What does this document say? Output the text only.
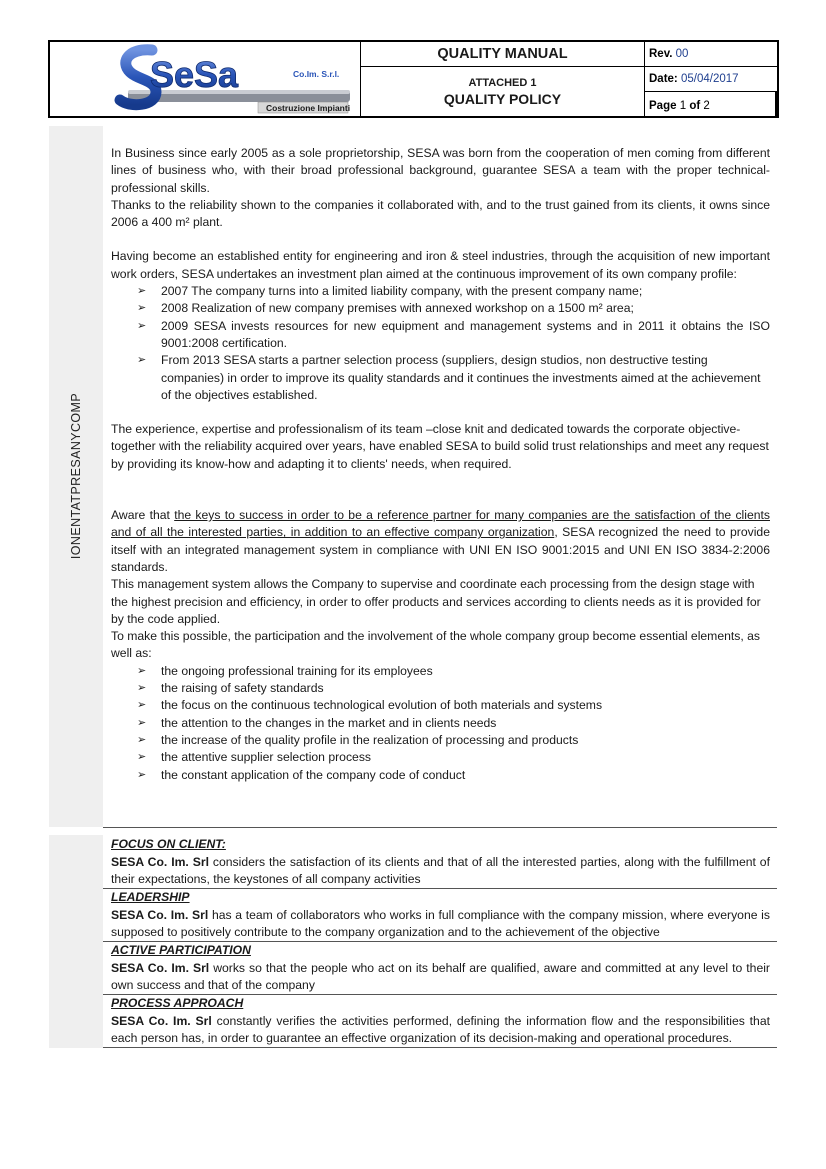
SeSa	Co.Im. S.r.l.
Costruzione Impianti
QUALITY MANUAL
ATTACHED 1
QUALITY POLICY
Rev. 00
Date: 05/04/2017
Page 1 of 2
IONENTATPRESANYCOMP

In Business since early 2005 as a sole proprietorship, SESA was born from the cooperation of men coming from different lines of business who, with their broad professional background, guarantee SESA a team with the proper technical-professional skills.

Thanks to the reliability shown to the companies it collaborated with, and to the trust gained from its clients, it owns since 2006 a 400 m² plant.

Having become an established entity for engineering and iron & steel industries, through the acquisition of new important work orders, SESA undertakes an investment plan aimed at the continuous improvement of its own company profile:

➢ 2007 The company turns into a limited liability company, with the present company name;
➢ 2008 Realization of new company premises with annexed workshop on a 1500 m² area;
➢ 2009 SESA invests resources for new equipment and management systems and in 2011 it obtains the ISO 9001:2008 certification.
➢ From 2013 SESA starts a partner selection process (suppliers, design studios, non destructive testing companies) in order to improve its quality standards and it continues the investments aimed at the achievement of the objectives established.

The experience, expertise and professionalism of its team –close knit and dedicated towards the corporate objective- together with the reliability acquired over years, have enabled SESA to build solid trust relationships and meet any request by providing its know-how and adapting it to clients' needs, when required.

Aware that the keys to success in order to be a reference partner for many companies are the satisfaction of the clients and of all the interested parties, in addition to an effective company organization, SESA recognized the need to provide itself with an integrated management system in compliance with UNI EN ISO 9001:2015 and UNI EN ISO 3834-2:2006 standards.

This management system allows the Company to supervise and coordinate each processing from the design stage with the highest precision and efficiency, in order to offer products and services according to clients needs as it is provided for by the code applied.

To make this possible, the participation and the involvement of the whole company group become essential elements, as well as:

➢ the ongoing professional training for its employees
➢ the raising of safety standards
➢ the focus on the continuous technological evolution of both materials and systems
➢ the attention to the changes in the market and in clients needs
➢ the increase of the quality profile in the realization of processing and products
➢ the attentive supplier selection process
➢ the constant application of the company code of conduct
FOCUS ON CLIENT:

SESA Co. Im. Srl considers the satisfaction of its clients and that of all the interested parties, along with the fulfillment of their expectations, the keystones of all company activities

LEADERSHIP

SESA Co. Im. Srl has a team of collaborators who works in full compliance with the company mission, where everyone is supposed to positively contribute to the company organization and to the achievement of the objective

ACTIVE PARTICIPATION

SESA Co. Im. Srl works so that the people who act on its behalf are qualified, aware and committed at any level to their own success and that of the company

PROCESS APPROACH

SESA Co. Im. Srl constantly verifies the activities performed, defining the information flow and the responsibilities that each person has, in order to guarantee an effective organization of its decision-making and operational procedures.
